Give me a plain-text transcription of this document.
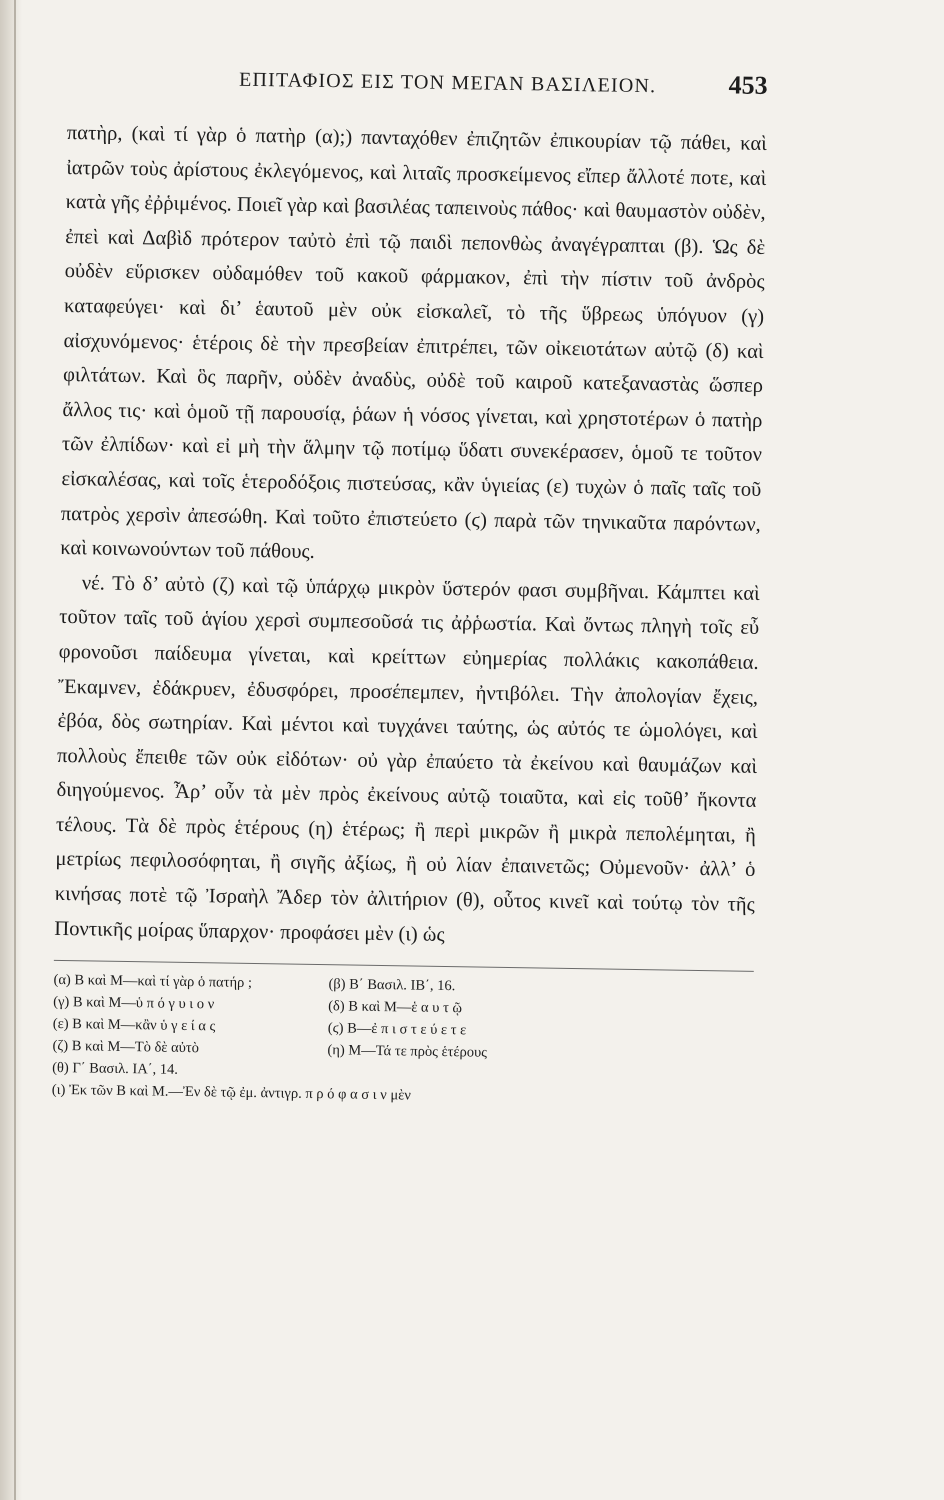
ΕΠΙΤΑΦΙΟΣ ΕΙΣ ΤΟΝ ΜΕΓΑΝ ΒΑΣΙΛΕΙΟΝ.	453

πατὴρ, (καὶ τί γὰρ ὁ πατὴρ (α);) πανταχόθεν ἐπιζητῶν ἐπικουρίαν τῷ πάθει, καὶ ἰατρῶν τοὺς ἀρίστους ἐκλεγόμενος, καὶ λιταῖς προσκείμενος εἴπερ ἄλλοτέ ποτε, καὶ κατὰ γῆς ἐῤῥιμένος. Ποιεῖ γὰρ καὶ βασιλέας ταπεινοὺς πάθος· καὶ θαυμαστὸν οὐδὲν, ἐπεὶ καὶ Δαβὶδ πρότερον ταὐτὸ ἐπὶ τῷ παιδὶ πεπονθὼς ἀναγέγραπται (β). Ὡς δὲ οὐδὲν εὕρισκεν οὐδαμόθεν τοῦ κακοῦ φάρμακον, ἐπὶ τὴν πίστιν τοῦ ἀνδρὸς καταφεύγει· καὶ δι’ ἑαυτοῦ μὲν οὐκ εἰσκαλεῖ, τὸ τῆς ὕβρεως ὑπόγυον (γ) αἰσχυνόμενος· ἑτέροις δὲ τὴν πρεσβείαν ἐπιτρέπει, τῶν οἰκειοτάτων αὐτῷ (δ) καὶ φιλτάτων. Καὶ ὃς παρῆν, οὐδὲν ἀναδὺς, οὐδὲ τοῦ καιροῦ κατεξαναστὰς ὥσπερ ἄλλος τις· καὶ ὁμοῦ τῇ παρουσίᾳ, ῥάων ἡ νόσος γίνεται, καὶ χρηστοτέρων ὁ πατὴρ τῶν ἐλπίδων· καὶ εἰ μὴ τὴν ἅλμην τῷ ποτίμῳ ὕδατι συνεκέρασεν, ὁμοῦ τε τοῦτον εἰσκαλέσας, καὶ τοῖς ἑτεροδόξοις πιστεύσας, κἂν ὑγιείας (ε) τυχὼν ὁ παῖς ταῖς τοῦ πατρὸς χερσὶν ἀπεσώθη. Καὶ τοῦτο ἐπιστεύετο (ϛ) παρὰ τῶν τηνικαῦτα παρόντων, καὶ κοινωνούντων τοῦ πάθους.

νέ. Τὸ δ’ αὐτὸ (ζ) καὶ τῷ ὑπάρχῳ μικρὸν ὕστερόν φασι συμβῆναι. Κάμπτει καὶ τοῦτον ταῖς τοῦ ἁγίου χερσὶ συμπεσοῦσά τις ἀῤῥωστία. Καὶ ὄντως πληγὴ τοῖς εὖ φρονοῦσι παίδευμα γίνεται, καὶ κρείττων εὐημερίας πολλάκις κακοπάθεια. Ἔκαμνεν, ἐδάκρυεν, ἐδυσφόρει, προσέπεμπεν, ἠντιβόλει. Τὴν ἀπολογίαν ἔχεις, ἐβόα, δὸς σωτηρίαν. Καὶ μέντοι καὶ τυγχάνει ταύτης, ὡς αὐτός τε ὡμολόγει, καὶ πολλοὺς ἔπειθε τῶν οὐκ εἰδότων· οὐ γὰρ ἐπαύετο τὰ ἐκείνου καὶ θαυμάζων καὶ διηγούμενος. Ἆρ’ οὖν τὰ μὲν πρὸς ἐκείνους αὐτῷ τοιαῦτα, καὶ εἰς τοῦθ’ ἥκοντα τέλους. Τὰ δὲ πρὸς ἑτέρους (η) ἑτέρως; ἢ περὶ μικρῶν ἢ μικρὰ πεπολέμηται, ἢ μετρίως πεφιλοσόφηται, ἢ σιγῆς ἀξίως, ἢ οὐ λίαν ἐπαινετῶς; Οὐμενοῦν· ἀλλ’ ὁ κινήσας ποτὲ τῷ Ἰσραὴλ Ἄδερ τὸν ἀλιτήριον (θ), οὗτος κινεῖ καὶ τούτῳ τὸν τῆς Ποντικῆς μοίρας ὕπαρχον· προφάσει μὲν (ι) ὡς

(α) Β καὶ Μ—καὶ τί γὰρ ὁ πατήρ ;	(β) Β΄ Βασιλ. ΙΒ΄, 16.
(γ) Β καὶ Μ—ὑ π ό γ υ ι ο ν	(δ) Β καὶ Μ—ἑ α υ τ ῷ
(ε) Β καὶ Μ—κἂν ὑ γ ε ί α ς	(ϛ) Β—ἐ π ι σ τ ε ύ ε τ ε
(ζ) Β καὶ Μ—Τὸ δὲ αὐτὸ	(η) Μ—Τά τε πρὸς ἑτέρους
(θ) Γ΄ Βασιλ. ΙΑ΄, 14.
(ι) Ἐκ τῶν Β καὶ Μ.—Ἐν δὲ τῷ ἐμ. ἀντιγρ. π ρ ό φ α σ ι ν μὲν
